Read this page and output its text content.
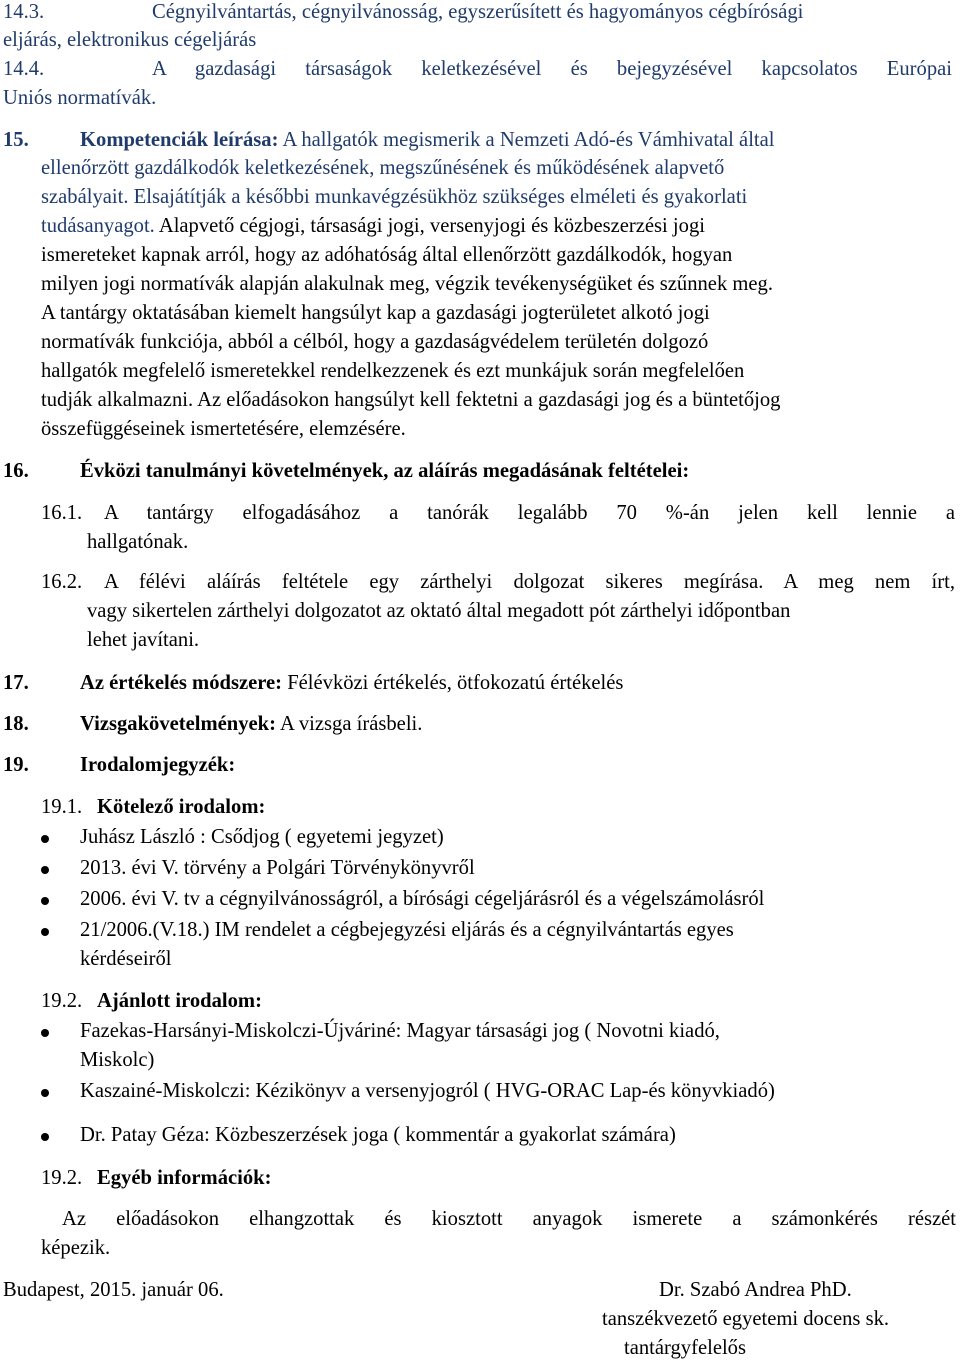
14.3.	Cégnyilvántartás, cégnyilvánosság, egyszerűsített és hagyományos cégbírósági
eljárás, elektronikus cégeljárás
14.4.	A gazdasági társaságok keletkezésével és bejegyzésével kapcsolatos Európai
Uniós normatívák.
15. Kompetenciák leírása: A hallgatók megismerik a Nemzeti Adó-és Vámhivatal által
ellenőrzött gazdálkodók keletkezésének, megszűnésének és működésének alapvető
szabályait. Elsajátítják a későbbi munkavégzésükhöz szükséges elméleti és gyakorlati
tudásanyagot. Alapvető cégjogi, társasági jogi, versenyjogi és közbeszerzési jogi
ismereteket kapnak arról, hogy az adóhatóság által ellenőrzött gazdálkodók, hogyan
milyen jogi normatívák alapján alakulnak meg, végzik tevékenységüket és szűnnek meg.
A tantárgy oktatásában kiemelt hangsúlyt kap a gazdasági jogterületet alkotó jogi
normatívák funkciója, abból a célból, hogy a gazdaságvédelem területén dolgozó
hallgatók megfelelő ismeretekkel rendelkezzenek és ezt munkájuk során megfelelően
tudják alkalmazni. Az előadásokon hangsúlyt kell fektetni a gazdasági jog és a büntetőjog
összefüggéseinek ismertetésére, elemzésére.
16. Évközi tanulmányi követelmények, az aláírás megadásának feltételei:
16.1. A tantárgy elfogadásához a tanórák legalább 70 %-án jelen kell lennie a
hallgatónak.
16.2. A félévi aláírás feltétele egy zárthelyi dolgozat sikeres megírása. A meg nem írt,
vagy sikertelen zárthelyi dolgozatot az oktató által megadott pót zárthelyi időpontban
lehet javítani.
17. Az értékelés módszere: Félévközi értékelés, ötfokozatú értékelés
18. Vizsgakövetelmények: A vizsga írásbeli.
19. Irodalomjegyzék:
19.1. Kötelező irodalom:
Juhász László : Csődjog ( egyetemi jegyzet)
2013. évi V. törvény a Polgári Törvénykönyvről
2006. évi V. tv a cégnyilvánosságról, a bírósági cégeljárásról és a végelszámolásról
21/2006.(V.18.) IM rendelet a cégbejegyzési eljárás és a cégnyilvántartás egyes
kérdéseiről
19.2. Ajánlott irodalom:
Fazekas-Harsányi-Miskolczi-Újváriné: Magyar társasági jog ( Novotni kiadó,
Miskolc)
Kaszainé-Miskolczi: Kézikönyv a versenyjogról ( HVG-ORAC Lap-és könyvkiadó)
Dr. Patay Géza: Közbeszerzések joga ( kommentár a gyakorlat számára)
19.2. Egyéb információk:
Az előadásokon elhangzottak és kiosztott anyagok ismerete a számonkérés részét
képezik.
Budapest, 2015. január 06.	Dr. Szabó Andrea PhD.
tanszékvezető egyetemi docens sk.
tantárgyfelelős
